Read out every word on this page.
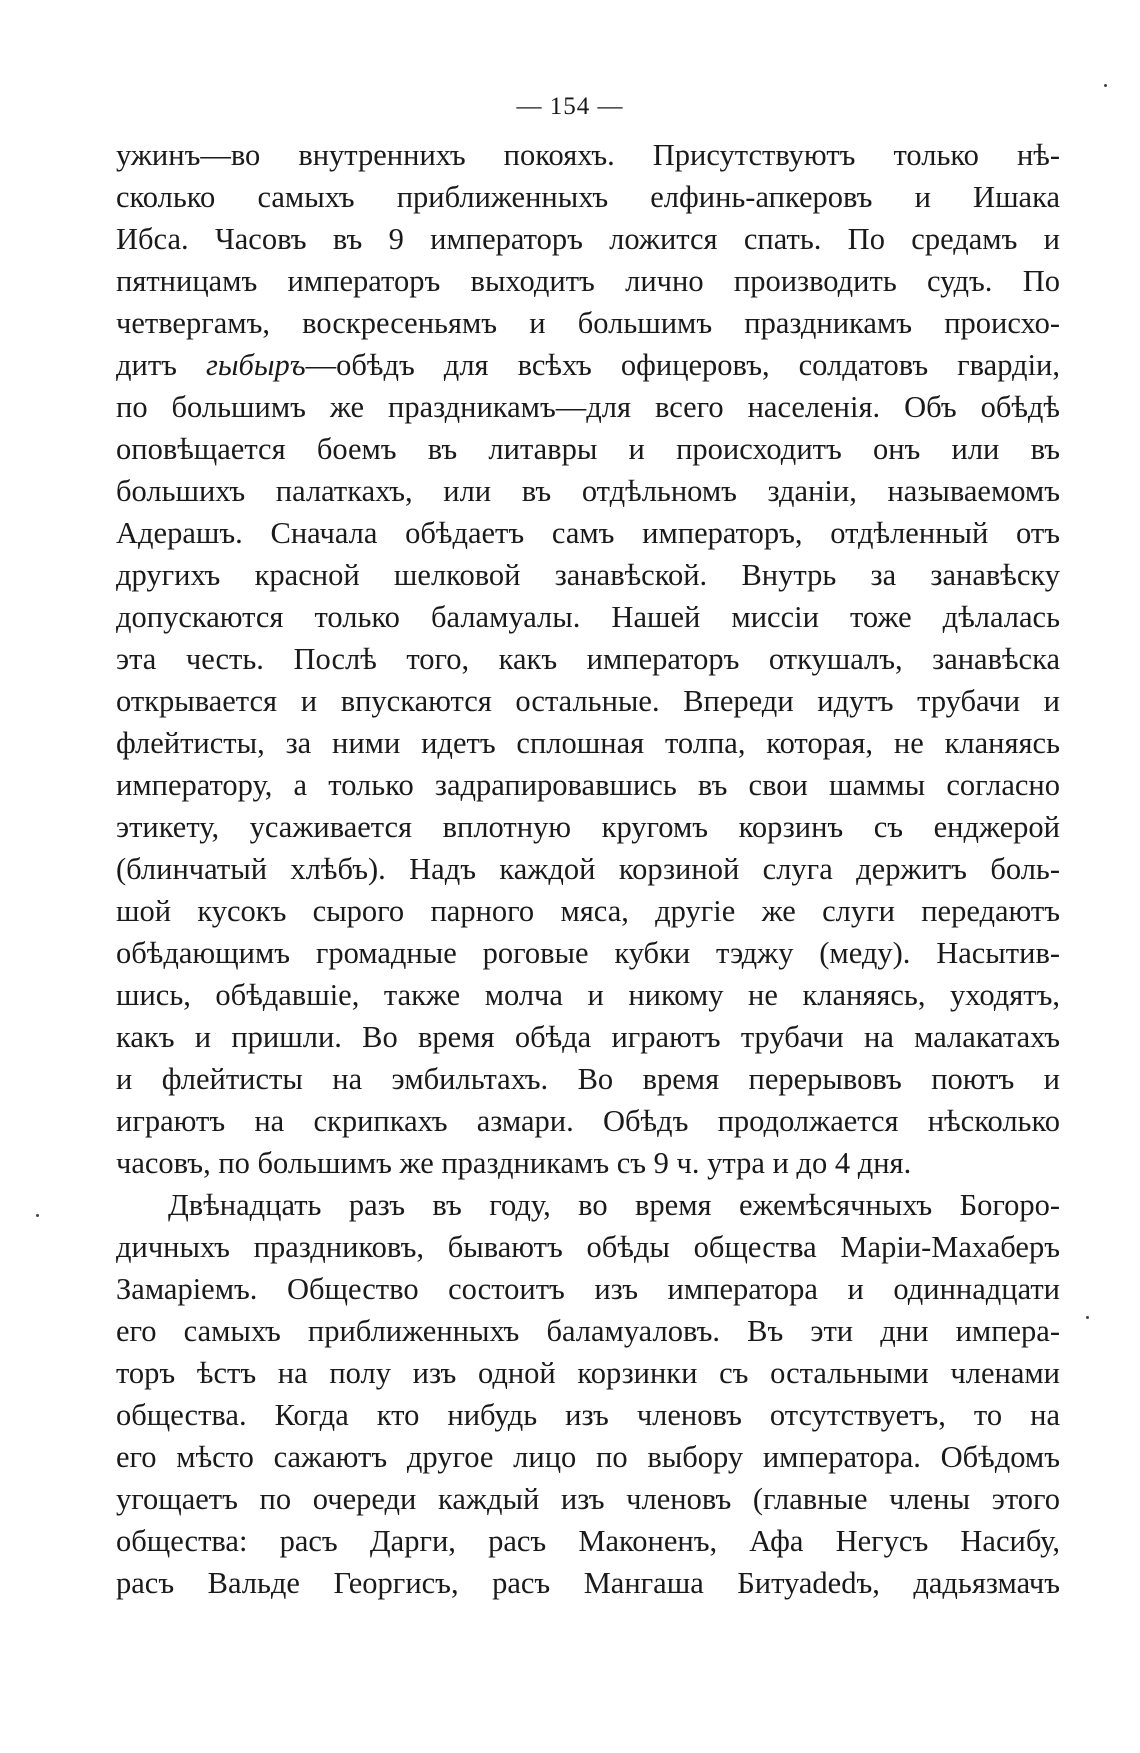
— 154 —
ужинъ—во внутреннихъ покояхъ. Присутствуютъ только нѣ-
сколько самыхъ приближенныхъ елфинь-апкеровъ и Ишака
Ибса. Часовъ въ 9 императоръ ложится спать. По средамъ и
пятницамъ императоръ выходитъ лично производить судъ. По
четвергамъ, воскресеньямъ и большимъ праздникамъ происхо-
дитъ гыбыръ—обѣдъ для всѣхъ офицеровъ, солдатовъ гвардіи,
по большимъ же праздникамъ—для всего населенія. Объ обѣдѣ
оповѣщается боемъ въ литавры и происходитъ онъ или въ
большихъ палаткахъ, или въ отдѣльномъ зданіи, называемомъ
Адерашъ. Сначала обѣдаетъ самъ императоръ, отдѣленный отъ
другихъ красной шелковой занавѣской. Внутрь за занавѣску
допускаются только баламуалы. Нашей миссіи тоже дѣлалась
эта честь. Послѣ того, какъ императоръ откушалъ, занавѣска
открывается и впускаются остальные. Впереди идутъ трубачи и
флейтисты, за ними идетъ сплошная толпа, которая, не кланяясь
императору, а только задрапировавшись въ свои шаммы согласно
этикету, усаживается вплотную кругомъ корзинъ съ енджерой
(блинчатый хлѣбъ). Надъ каждой корзиной слуга держитъ боль-
шой кусокъ сырого парного мяса, другіе же слуги передаютъ
обѣдающимъ громадные роговые кубки тэджу (меду). Насытив-
шись, обѣдавшіе, также молча и никому не кланяясь, уходятъ,
какъ и пришли. Во время обѣда играютъ трубачи на малакатахъ
и флейтисты на эмбильтахъ. Во время перерывовъ поютъ и
играютъ на скрипкахъ азмари. Обѣдъ продолжается нѣсколько
часовъ, по большимъ же праздникамъ съ 9 ч. утра и до 4 дня.
Двѣнадцать разъ въ году, во время ежемѣсячныхъ Богоро-
дичныхъ праздниковъ, бываютъ обѣды общества Маріи-Махаберъ
Замаріемъ. Общество состоитъ изъ императора и одиннадцати
его самыхъ приближенныхъ баламуаловъ. Въ эти дни импера-
торъ ѣстъ на полу изъ одной корзинки съ остальными членами
общества. Когда кто нибудь изъ членовъ отсутствуетъ, то на
его мѣсто сажаютъ другое лицо по выбору императора. Обѣдомъ
угощаетъ по очереди каждый изъ членовъ (главные члены этого
общества: расъ Дарги, расъ Маконенъ, Афа Негусъ Насибу,
расъ Вальде Георгисъ, расъ Мангаша Битуаdedъ, дадьязмачъ
